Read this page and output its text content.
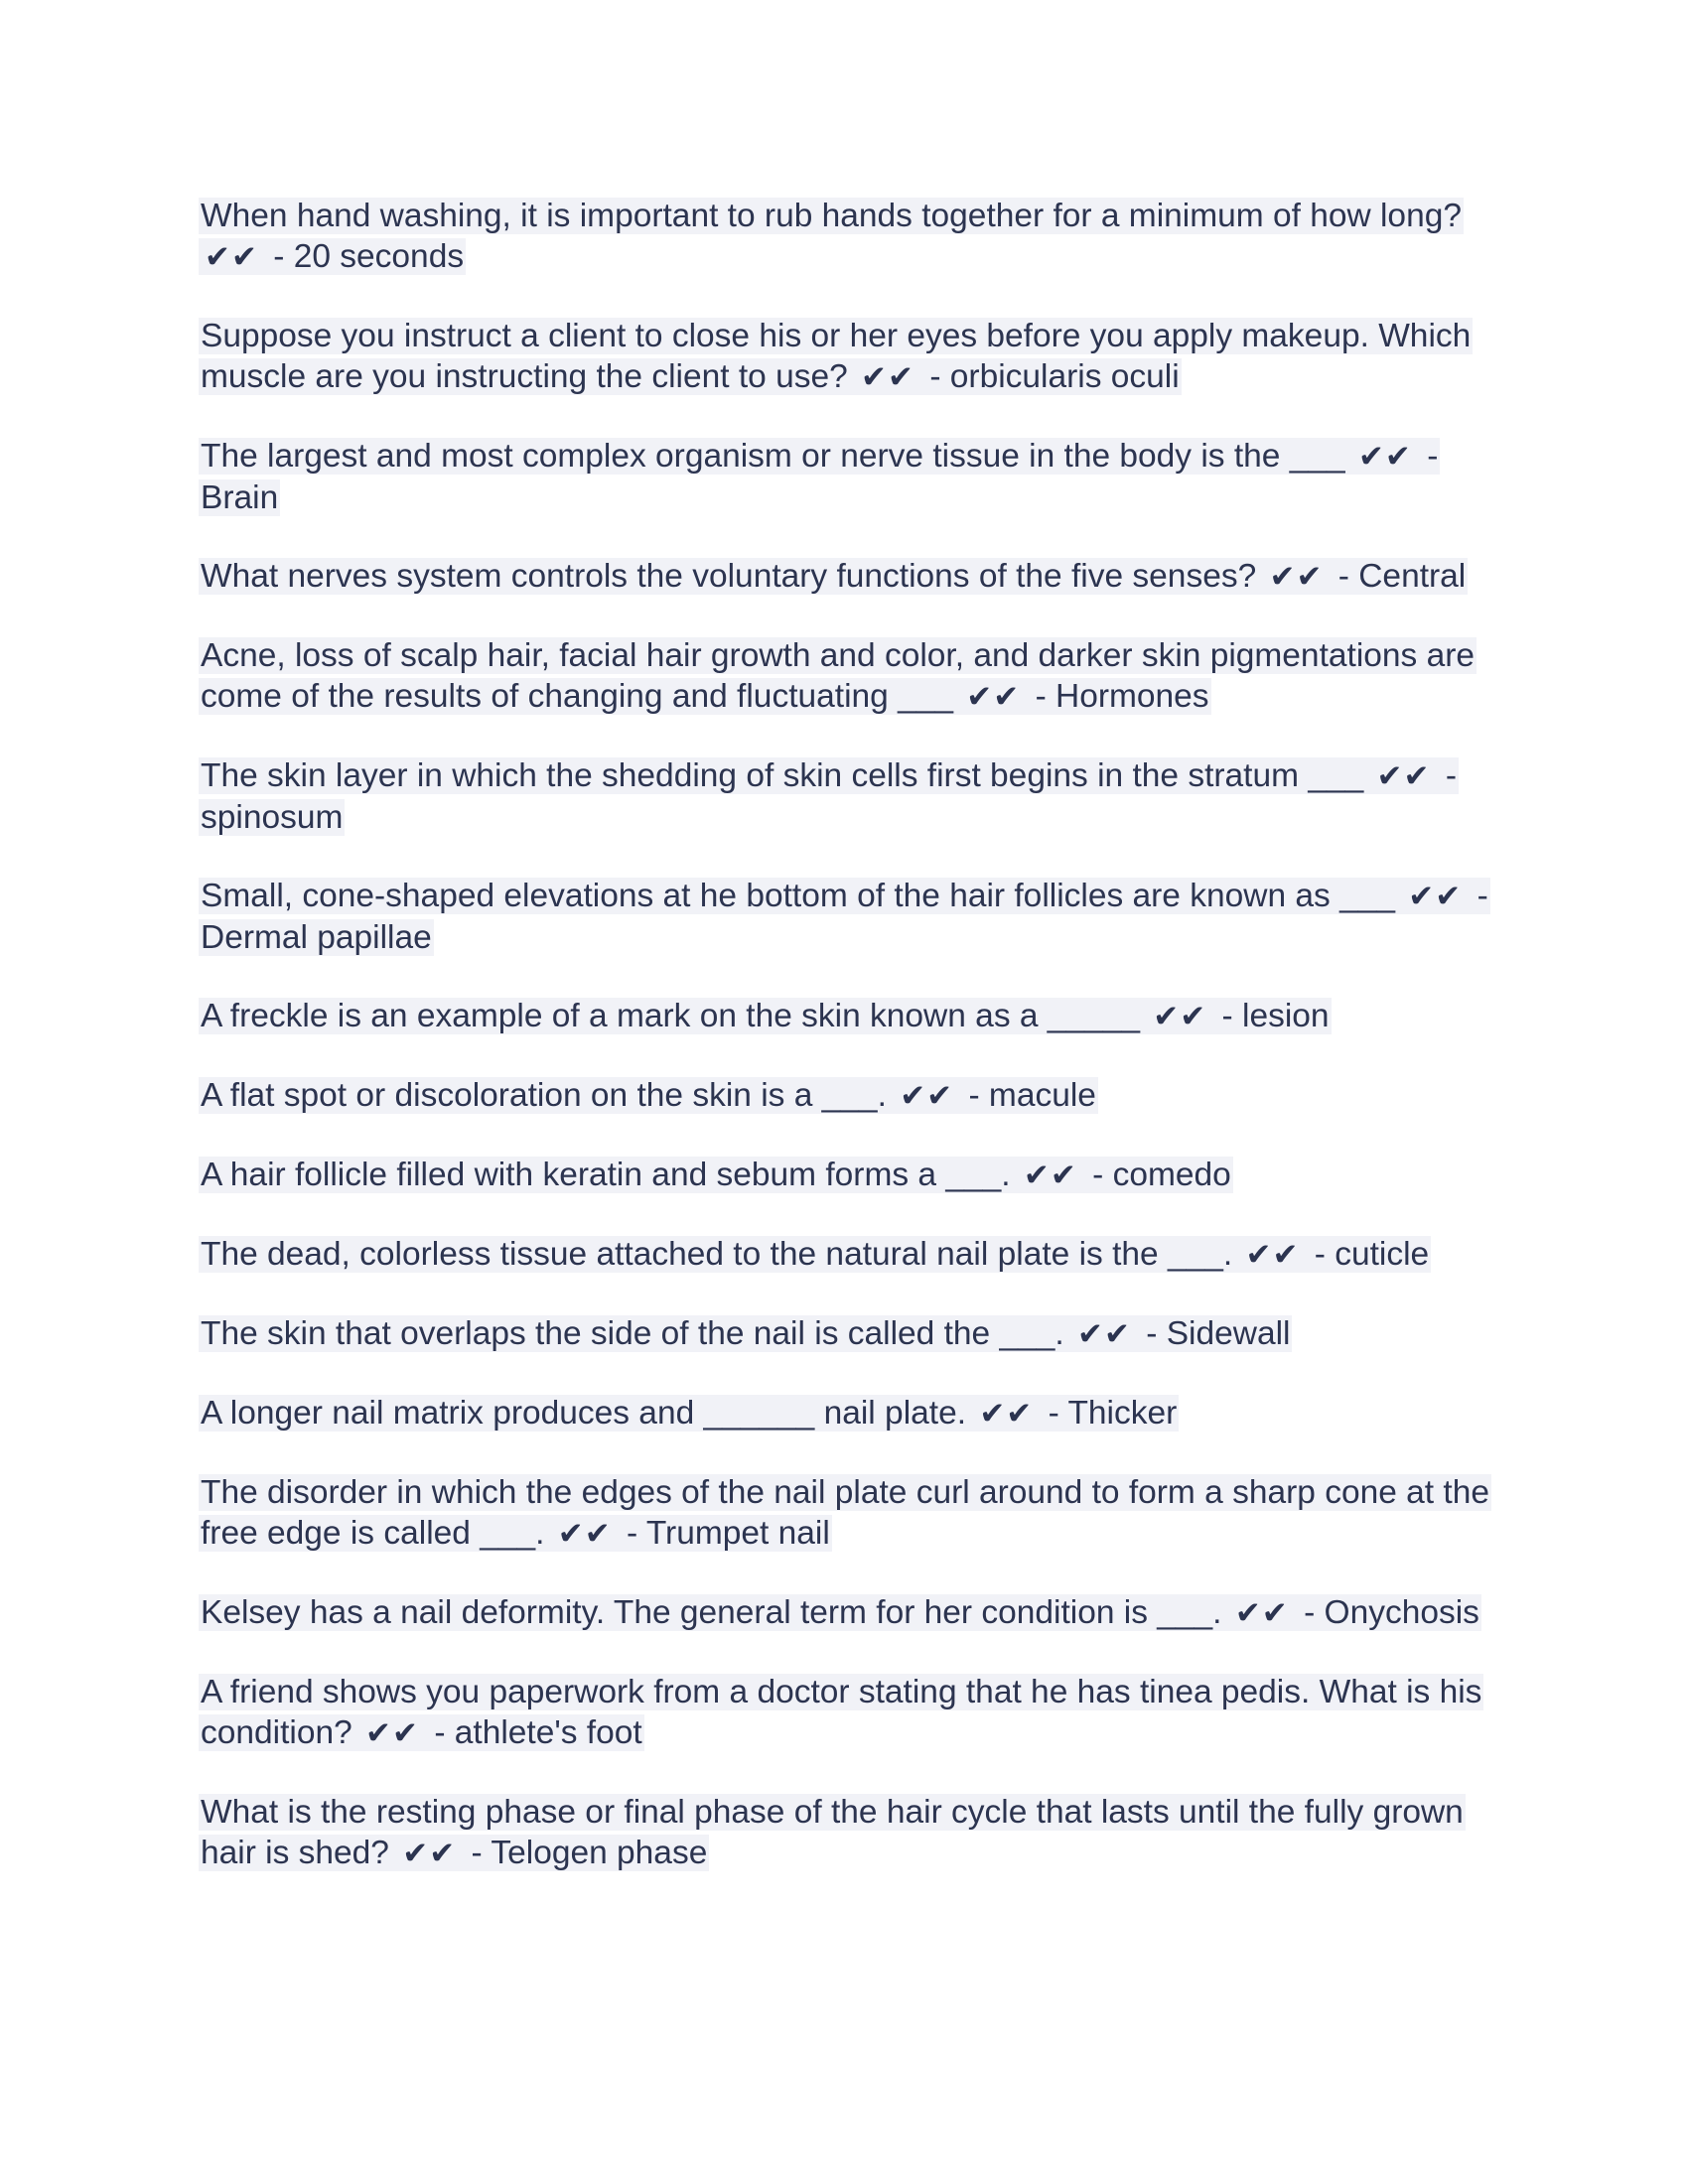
When hand washing, it is important to rub hands together for a minimum of how long? ✔✔ - 20 seconds
Suppose you instruct a client to close his or her eyes before you apply makeup. Which muscle are you instructing the client to use? ✔✔ - orbicularis oculi
The largest and most complex organism or nerve tissue in the body is the ___ ✔✔ - Brain
What nerves system controls the voluntary functions of the five senses? ✔✔ - Central
Acne, loss of scalp hair, facial hair growth and color, and darker skin pigmentations are come of the results of changing and fluctuating ___ ✔✔ - Hormones
The skin layer in which the shedding of skin cells first begins in the stratum ___ ✔✔ - spinosum
Small, cone-shaped elevations at he bottom of the hair follicles are known as ___ ✔✔ - Dermal papillae
A freckle is an example of a mark on the skin known as a _____ ✔✔ - lesion
A flat spot or discoloration on the skin is a ___. ✔✔ - macule
A hair follicle filled with keratin and sebum forms a ___. ✔✔ - comedo
The dead, colorless tissue attached to the natural nail plate is the ___. ✔✔ - cuticle
The skin that overlaps the side of the nail is called the ___. ✔✔ - Sidewall
A longer nail matrix produces and ______ nail plate. ✔✔ - Thicker
The disorder in which the edges of the nail plate curl around to form a sharp cone at the free edge is called ___. ✔✔ - Trumpet nail
Kelsey has a nail deformity. The general term for her condition is ___. ✔✔ - Onychosis
A friend shows you paperwork from a doctor stating that he has tinea pedis. What is his condition? ✔✔ - athlete's foot
What is the resting phase or final phase of the hair cycle that lasts until the fully grown hair is shed? ✔✔ - Telogen phase
